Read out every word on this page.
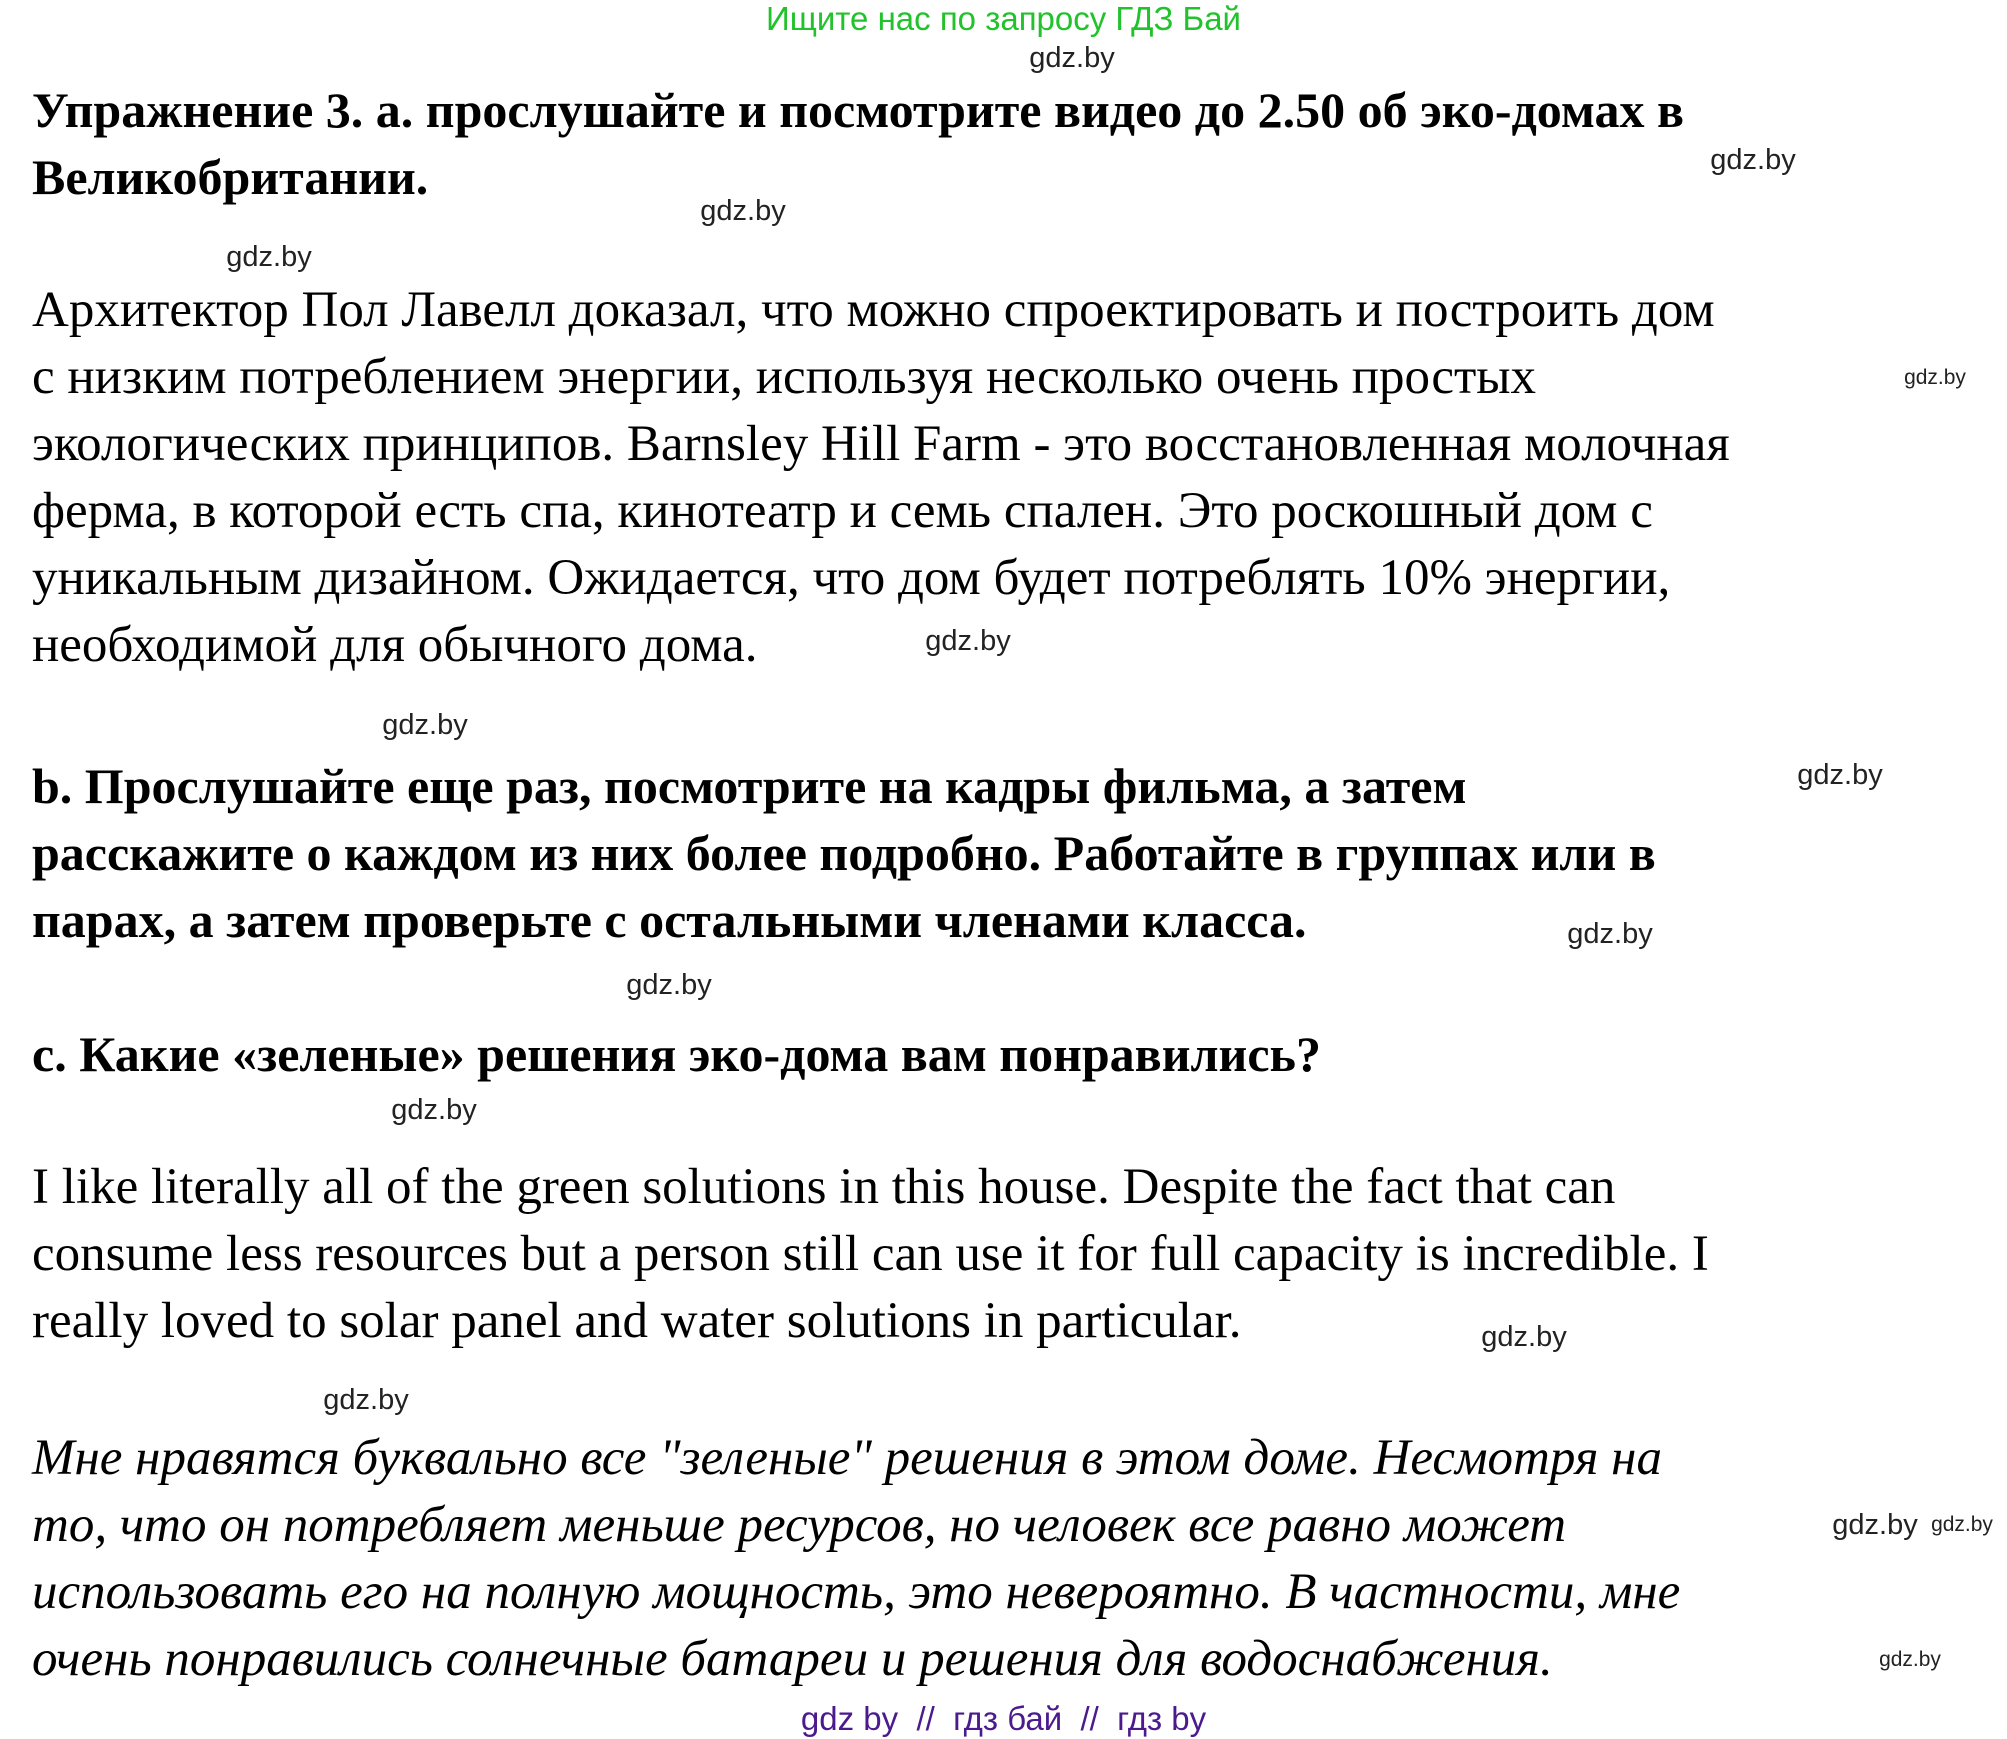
Ищите нас по запросу ГДЗ Бай
Упражнение 3. a. прослушайте и посмотрите видео до 2.50 об эко-домах в
Великобритании.
Архитектор Пол Лавелл доказал, что можно спроектировать и построить дом
с низким потреблением энергии, используя несколько очень простых
экологических принципов. Barnsley Hill Farm - это восстановленная молочная
ферма, в которой есть спа, кинотеатр и семь спален. Это роскошный дом с
уникальным дизайном. Ожидается, что дом будет потреблять 10% энергии,
необходимой для обычного дома.
b. Прослушайте еще раз, посмотрите на кадры фильма, а затем
расскажите о каждом из них более подробно. Работайте в группах или в
парах, а затем проверьте с остальными членами класса.
c. Какие «зеленые» решения эко-дома вам понравились?
I like literally all of the green solutions in this house. Despite the fact that can
consume less resources but a person still can use it for full capacity is incredible. I
really loved to solar panel and water solutions in particular.
Мне нравятся буквально все "зеленые" решения в этом доме. Несмотря на
то, что он потребляет меньше ресурсов, но человек все равно может
использовать его на полную мощность, это невероятно. В частности, мне
очень понравились солнечные батареи и решения для водоснабжения.
gdz.by
gdz.by
gdz.by
gdz.by
gdz.by
gdz.by
gdz.by
gdz.by
gdz.by
gdz.by
gdz.by
gdz.by
gdz.by
gdz.by
gdz.by
gdz.by
gdz by  //  гдз бай  //  гдз by
